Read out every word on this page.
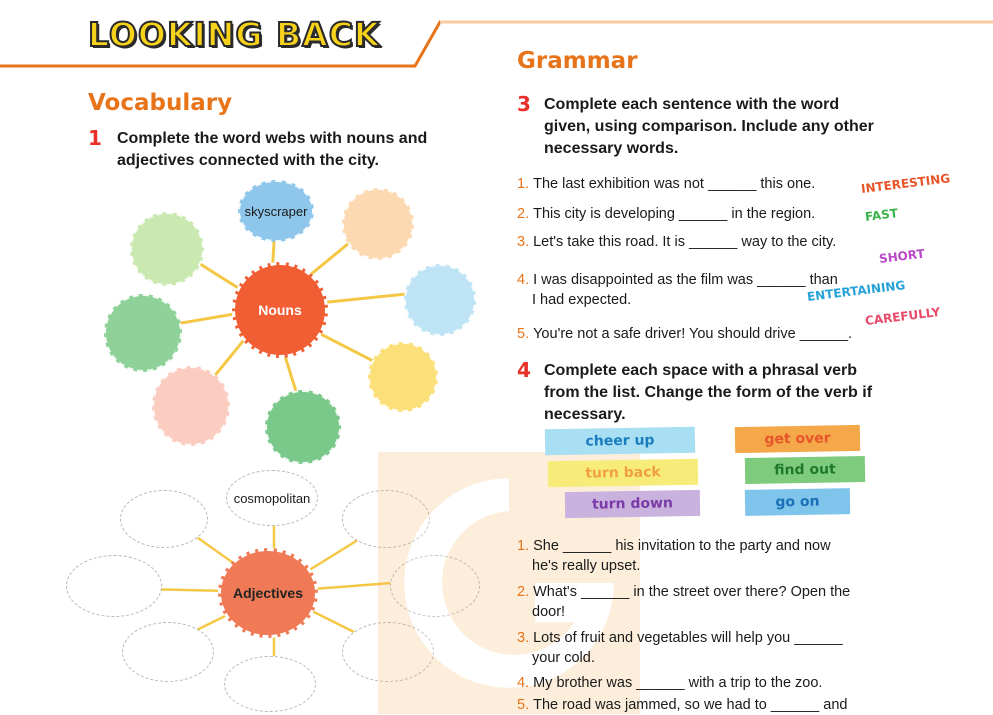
LOOKING BACK
Vocabulary
1 Complete the word webs with nouns and
adjectives connected with the city.
skyscraper
Nouns
cosmopolitan
Adjectives
Grammar
3 Complete each sentence with the word
given, using comparison. Include any other
necessary words.
1. The last exhibition was not ______ this one.
2. This city is developing ______ in the region.
3. Let's take this road. It is ______ way to the city.
4. I was disappointed as the film was ______ than
I had expected.
5. You're not a safe driver! You should drive ______.
INTERESTING
FAST
SHORT
ENTERTAINING
CAREFULLY
4 Complete each space with a phrasal verb
from the list. Change the form of the verb if
necessary.
cheer up	get over
turn back	find out
turn down	go on
1. She ______ his invitation to the party and now
he's really upset.
2. What's ______ in the street over there? Open the
door!
3. Lots of fruit and vegetables will help you ______
your cold.
4. My brother was ______ with a trip to the zoo.
5. The road was jammed, so we had to ______ and
